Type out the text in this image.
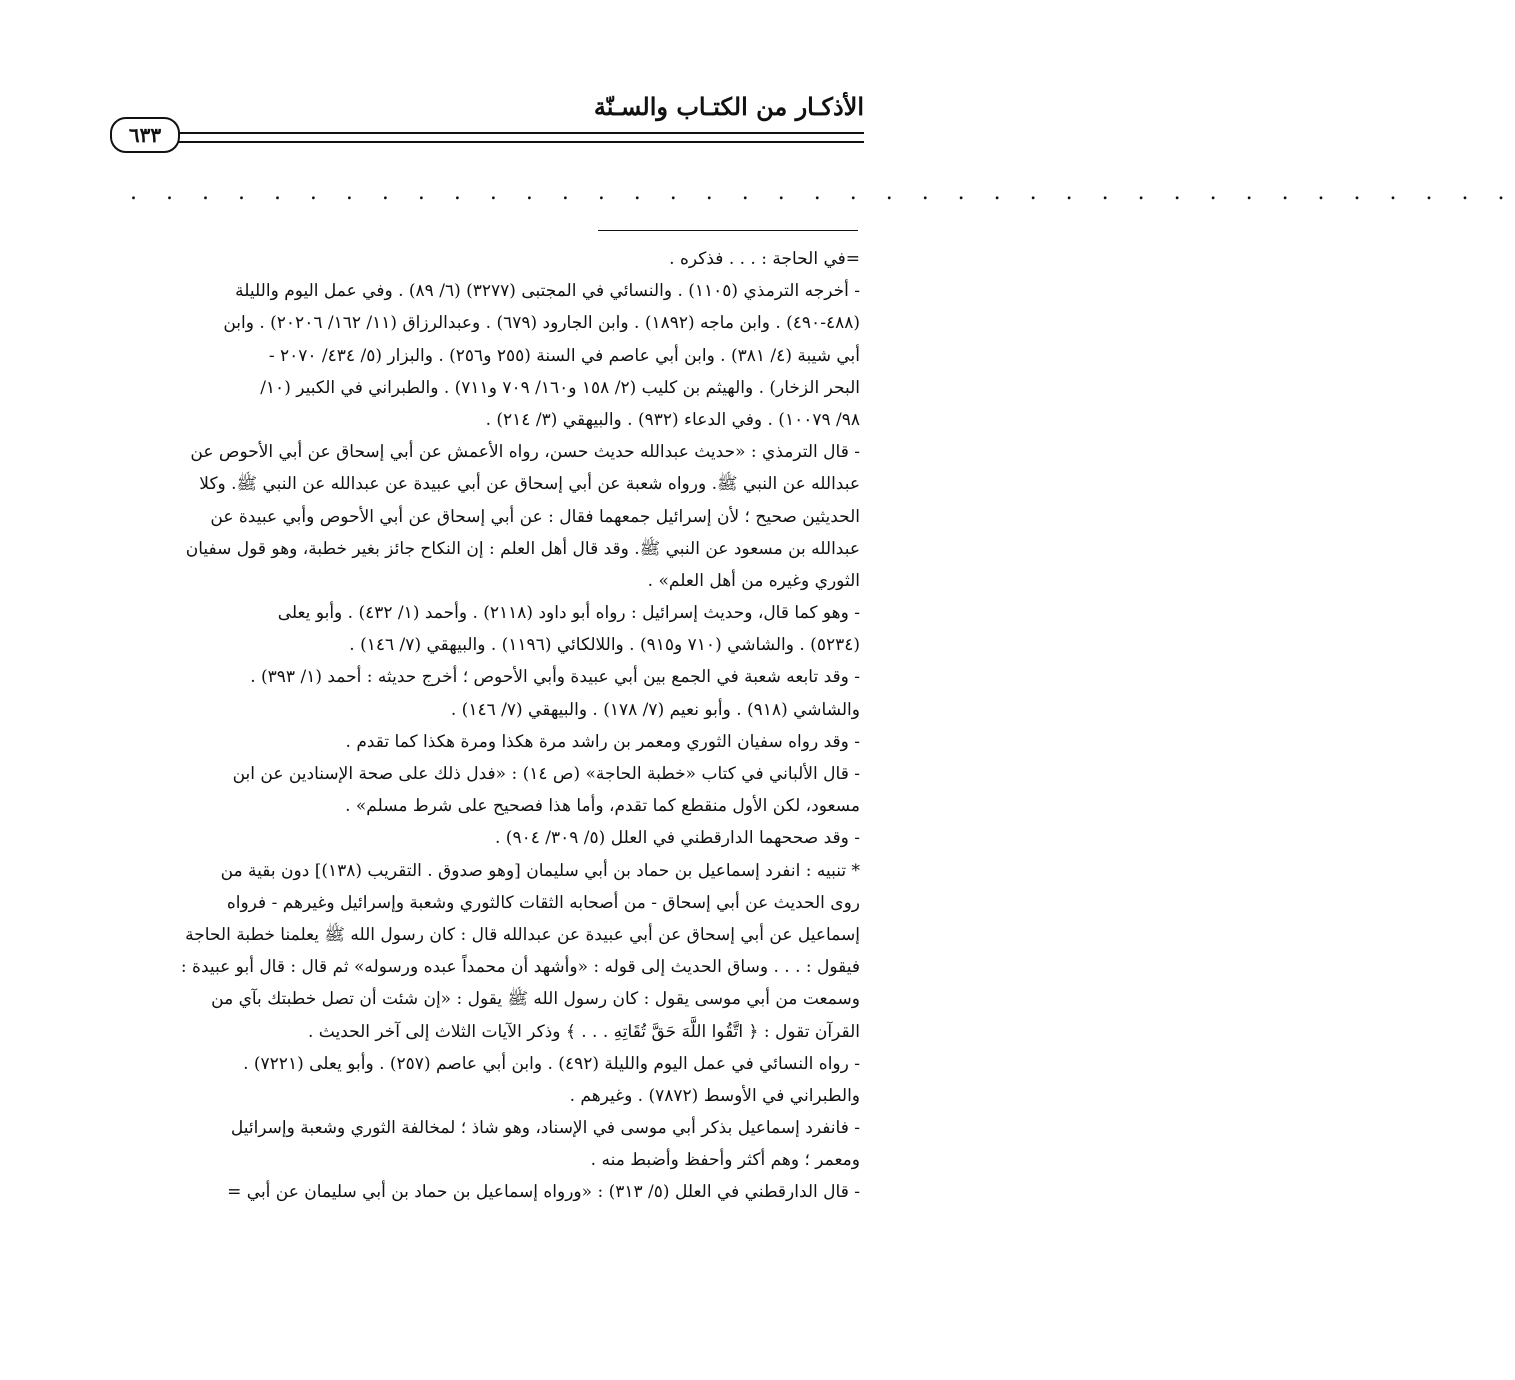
الأذكـار من الكتـاب والسـنّة
٦٣٣
. . . . . . . . . . . . . . . . . . . . . . . . . . . . . . . . . . . . . . .
=في الحاجة : . . . فذكره .
- أخرجه الترمذي (١١٠٥) . والنسائي في المجتبى (٣٢٧٧) (٦/ ٨٩) . وفي عمل اليوم والليلة
(٤٨٨-٤٩٠) . وابن ماجه (١٨٩٢) . وابن الجارود (٦٧٩) . وعبدالرزاق (١١/ ١٦٢/ ٢٠٢٠٦) . وابن
أبي شيبة (٤/ ٣٨١) . وابن أبي عاصم في السنة (٢٥٥ و٢٥٦) . والبزار (٥/ ٤٣٤/ ٢٠٧٠ -
البحر الزخار) . والهيثم بن كليب (٢/ ١٥٨ و١٦٠/ ٧٠٩ و٧١١) . والطبراني في الكبير (١٠/
٩٨/ ١٠٠٧٩) . وفي الدعاء (٩٣٢) . والبيهقي (٣/ ٢١٤) .
- قال الترمذي : «حديث عبدالله حديث حسن، رواه الأعمش عن أبي إسحاق عن أبي الأحوص عن
عبدالله عن النبي ﷺ. ورواه شعبة عن أبي إسحاق عن أبي عبيدة عن عبدالله عن النبي ﷺ. وكلا
الحديثين صحيح ؛ لأن إسرائيل جمعهما فقال : عن أبي إسحاق عن أبي الأحوص وأبي عبيدة عن
عبدالله بن مسعود عن النبي ﷺ. وقد قال أهل العلم : إن النكاح جائز بغير خطبة، وهو قول سفيان
الثوري وغيره من أهل العلم» .
- وهو كما قال، وحديث إسرائيل : رواه أبو داود (٢١١٨) . وأحمد (١/ ٤٣٢) . وأبو يعلى
(٥٢٣٤) . والشاشي (٧١٠ و٩١٥) . واللالكائي (١١٩٦) . والبيهقي (٧/ ١٤٦) .
- وقد تابعه شعبة في الجمع بين أبي عبيدة وأبي الأحوص ؛ أخرج حديثه : أحمد (١/ ٣٩٣) .
والشاشي (٩١٨) . وأبو نعيم (٧/ ١٧٨) . والبيهقي (٧/ ١٤٦) .
- وقد رواه سفيان الثوري ومعمر بن راشد مرة هكذا ومرة هكذا كما تقدم .
- قال الألباني في كتاب «خطبة الحاجة» (ص ١٤) : «فدل ذلك على صحة الإسنادين عن ابن
مسعود، لكن الأول منقطع كما تقدم، وأما هذا فصحيح على شرط مسلم» .
- وقد صححهما الدارقطني في العلل (٥/ ٣٠٩/ ٩٠٤) .
* تنبيه : انفرد إسماعيل بن حماد بن أبي سليمان [وهو صدوق . التقريب (١٣٨)] دون بقية من
روى الحديث عن أبي إسحاق - من أصحابه الثقات كالثوري وشعبة وإسرائيل وغيرهم - فرواه
إسماعيل عن أبي إسحاق عن أبي عبيدة عن عبدالله قال : كان رسول الله ﷺ يعلمنا خطبة الحاجة
فيقول : . . . وساق الحديث إلى قوله : «وأشهد أن محمداً عبده ورسوله» ثم قال : قال أبو عبيدة :
وسمعت من أبي موسى يقول : كان رسول الله ﷺ يقول : «إن شئت أن تصل خطبتك بآي من
القرآن تقول : ﴿ اتَّقُوا اللَّهَ حَقَّ تُقَاتِهِ . . . ﴾ وذكر الآيات الثلاث إلى آخر الحديث .
- رواه النسائي في عمل اليوم والليلة (٤٩٢) . وابن أبي عاصم (٢٥٧) . وأبو يعلى (٧٢٢١) .
والطبراني في الأوسط (٧٨٧٢) . وغيرهم .
- فانفرد إسماعيل بذكر أبي موسى في الإسناد، وهو شاذ ؛ لمخالفة الثوري وشعبة وإسرائيل
ومعمر ؛ وهم أكثر وأحفظ وأضبط منه .
- قال الدارقطني في العلل (٥/ ٣١٣) : «ورواه إسماعيل بن حماد بن أبي سليمان عن أبي =
